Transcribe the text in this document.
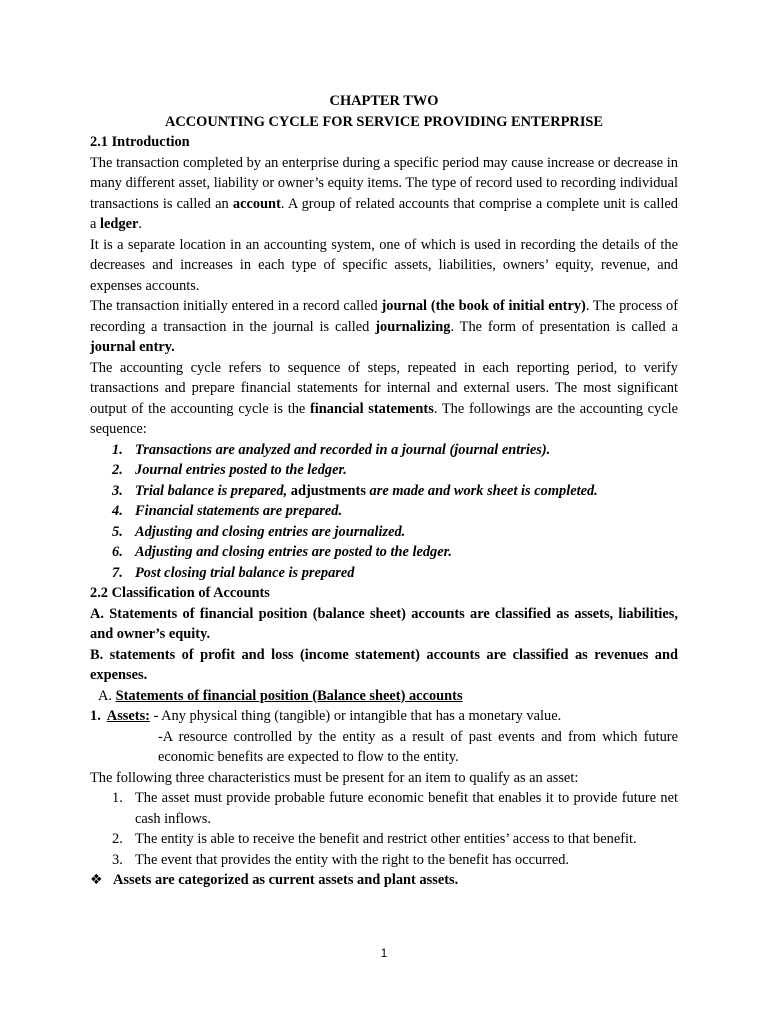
CHAPTER TWO
ACCOUNTING CYCLE FOR SERVICE PROVIDING ENTERPRISE
2.1 Introduction

The transaction completed by an enterprise during a specific period may cause increase or decrease in many different asset, liability or owner’s equity items. The type of record used to recording individual transactions is called an account. A group of related accounts that comprise a complete unit is called a ledger.

It is a separate location in an accounting system, one of which is used in recording the details of the decreases and increases in each type of specific assets, liabilities, owners’ equity, revenue, and expenses accounts.

The transaction initially entered in a record called journal (the book of initial entry). The process of recording a transaction in the journal is called journalizing. The form of presentation is called a journal entry.

The accounting cycle refers to sequence of steps, repeated in each reporting period, to verify transactions and prepare financial statements for internal and external users. The most significant output of the accounting cycle is the financial statements. The followings are the accounting cycle sequence:

1. Transactions are analyzed and recorded in a journal (journal entries).
2. Journal entries posted to the ledger.
3. Trial balance is prepared, adjustments are made and work sheet is completed.
4. Financial statements are prepared.
5. Adjusting and closing entries are journalized.
6. Adjusting and closing entries are posted to the ledger.
7. Post closing trial balance is prepared
2.2 Classification of Accounts

A. Statements of financial position (balance sheet) accounts are classified as assets, liabilities, and owner’s equity.

B. statements of profit and loss (income statement) accounts are classified as revenues and expenses.

A. Statements of financial position (Balance sheet) accounts
1. Assets: - Any physical thing (tangible) or intangible that has a monetary value.

-A resource controlled by the entity as a result of past events and from which future economic benefits are expected to flow to the entity.

The following three characteristics must be present for an item to qualify as an asset:

1. The asset must provide probable future economic benefit that enables it to provide future net cash inflows.
2. The entity is able to receive the benefit and restrict other entities’ access to that benefit.
3. The event that provides the entity with the right to the benefit has occurred.
❖ Assets are categorized as current assets and plant assets.
1
